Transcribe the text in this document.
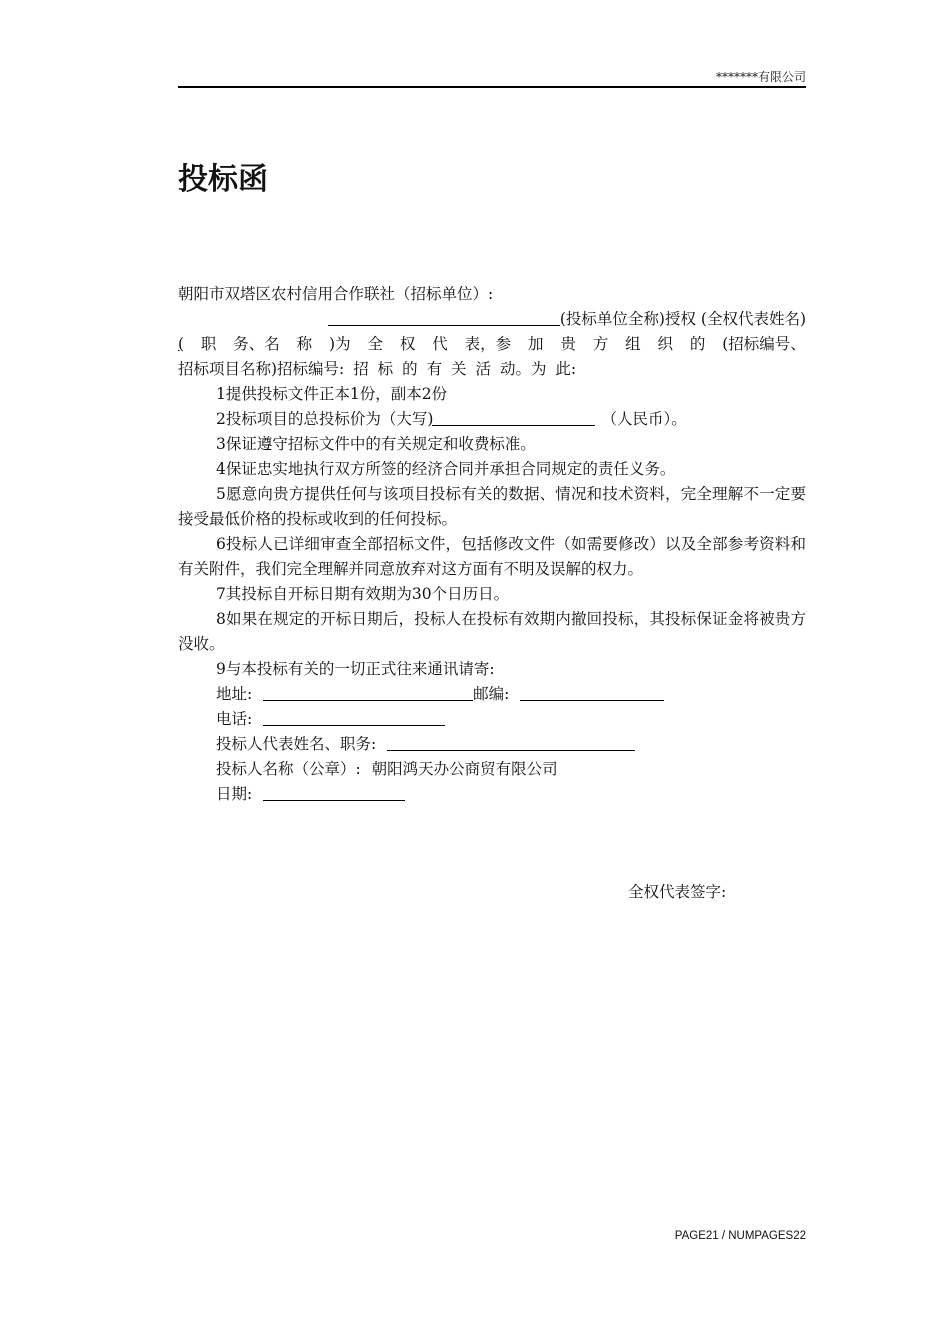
*******有限公司
投标函
朝阳市双塔区农村信用合作联社（招标单位）:
(投标单位全称)授权 (全权代表姓名)
( 职 务、名 称 )为 全 权 代 表，参 加 贵 方 组 织 的 (招标编号、
招标项目名称)招标编号: 招 标 的 有 关 活 动。为 此:
1提供投标文件正本1份，副本2份
2投标项目的总投标价为（大写)	（人民币）。
3保证遵守招标文件中的有关规定和收费标准。
4保证忠实地执行双方所签的经济合同并承担合同规定的责任义务。
5愿意向贵方提供任何与该项目投标有关的数据、情况和技术资料，完全理解不一定要接受最低价格的投标或收到的任何投标。
6投标人已详细审查全部招标文件，包括修改文件（如需要修改）以及全部参考资料和有关附件，我们完全理解并同意放弃对这方面有不明及误解的权力。
7其投标自开标日期有效期为30个日历日。
8如果在规定的开标日期后，投标人在投标有效期内撤回投标，其投标保证金将被贵方没收。
9与本投标有关的一切正式往来通讯请寄:
地址:	邮编:
电话:
投标人代表姓名、职务:
投标人名称（公章）: 朝阳鸿天办公商贸有限公司
日期:
全权代表签字:
PAGE21 / NUMPAGES22
